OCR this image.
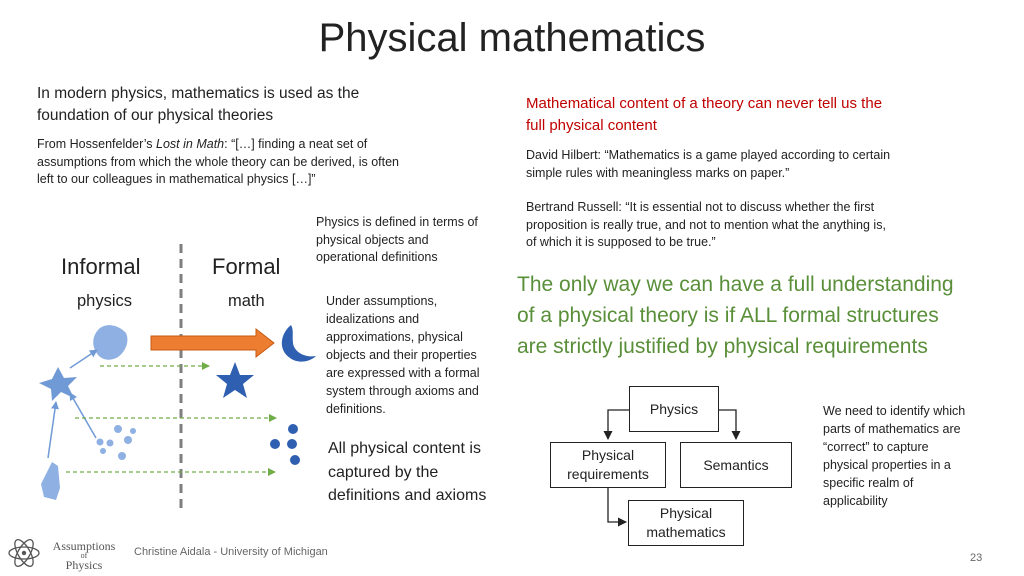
Physical mathematics
In modern physics, mathematics is used as the
foundation of our physical theories
From Hossenfelder’s Lost in Math: “[…] finding a neat set of
assumptions from which the whole theory can be derived, is often
left to our colleagues in mathematical physics […]”
Mathematical content of a theory can never tell us the
full physical content
David Hilbert: “Mathematics is a game played according to certain
simple rules with meaningless marks on paper.”
Bertrand Russell: “It is essential not to discuss whether the first
proposition is really true, and not to mention what the anything is,
of which it is supposed to be true.”
Physics is defined in terms of
physical objects and
operational definitions
Informal	Formal
physics	math	Under assumptions,
idealizations and
approximations, physical
objects and their properties
are expressed with a formal
system through axioms and
definitions.
All physical content is
captured by the
definitions and axioms
The only way we can have a full understanding
of a physical theory is if ALL formal structures
are strictly justified by physical requirements
We need to identify which
parts of mathematics are
“correct” to capture
physical properties in a
specific realm of
applicability
Physics
Physical
requirements
Semantics
Physical
mathematics
Assumptions
of
Physics
Christine Aidala - University of Michigan	23
